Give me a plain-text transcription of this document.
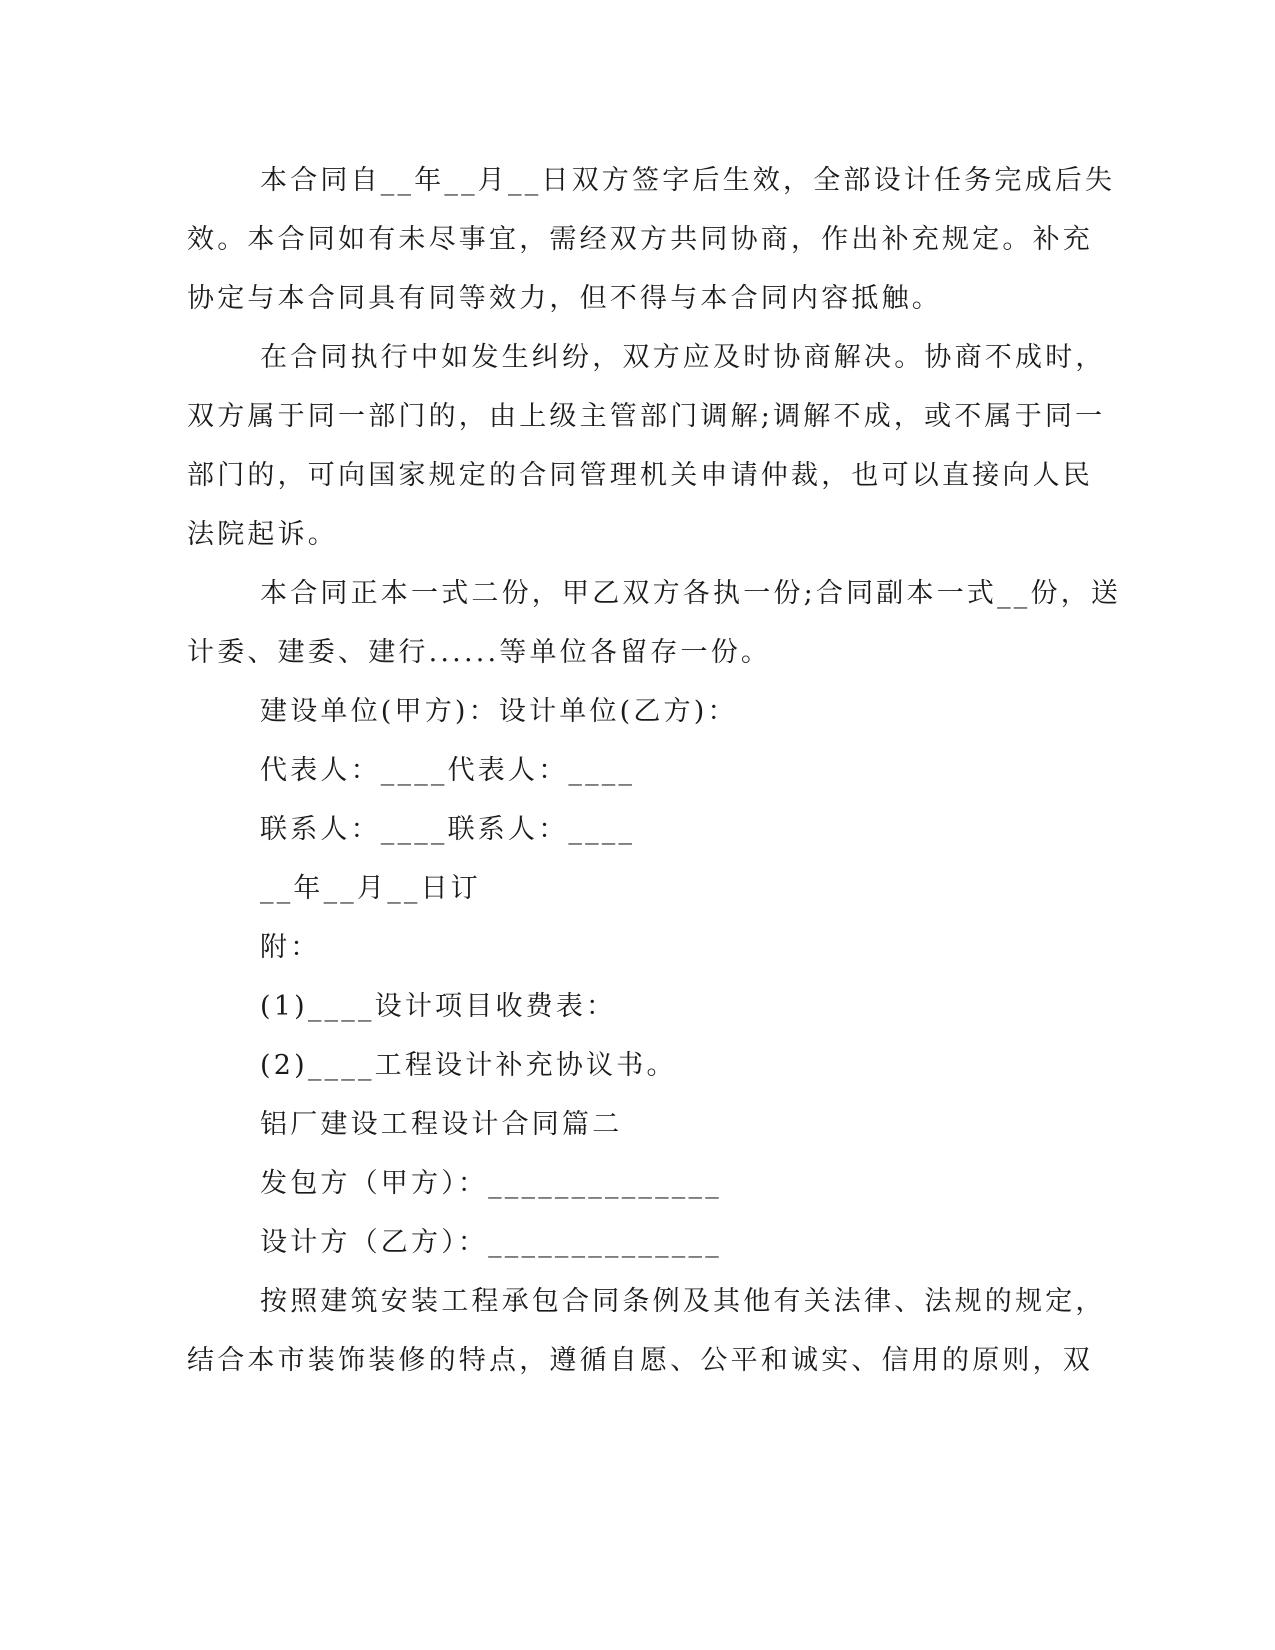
本合同自__年__月__日双方签字后生效，全部设计任务完成后失
效。本合同如有未尽事宜，需经双方共同协商，作出补充规定。补充
协定与本合同具有同等效力，但不得与本合同内容抵触。
在合同执行中如发生纠纷，双方应及时协商解决。协商不成时，
双方属于同一部门的，由上级主管部门调解;调解不成，或不属于同一
部门的，可向国家规定的合同管理机关申请仲裁，也可以直接向人民
法院起诉。
本合同正本一式二份，甲乙双方各执一份;合同副本一式__份，送
计委、建委、建行......等单位各留存一份。
建设单位(甲方)：设计单位(乙方)：
代表人：____代表人：____
联系人：____联系人：____
__年__月__日订
附：
(1)____设计项目收费表：
(2)____工程设计补充协议书。
铝厂建设工程设计合同篇二
发包方（甲方）：______________
设计方（乙方）：______________
按照建筑安装工程承包合同条例及其他有关法律、法规的规定，
结合本市装饰装修的特点，遵循自愿、公平和诚实、信用的原则，双
